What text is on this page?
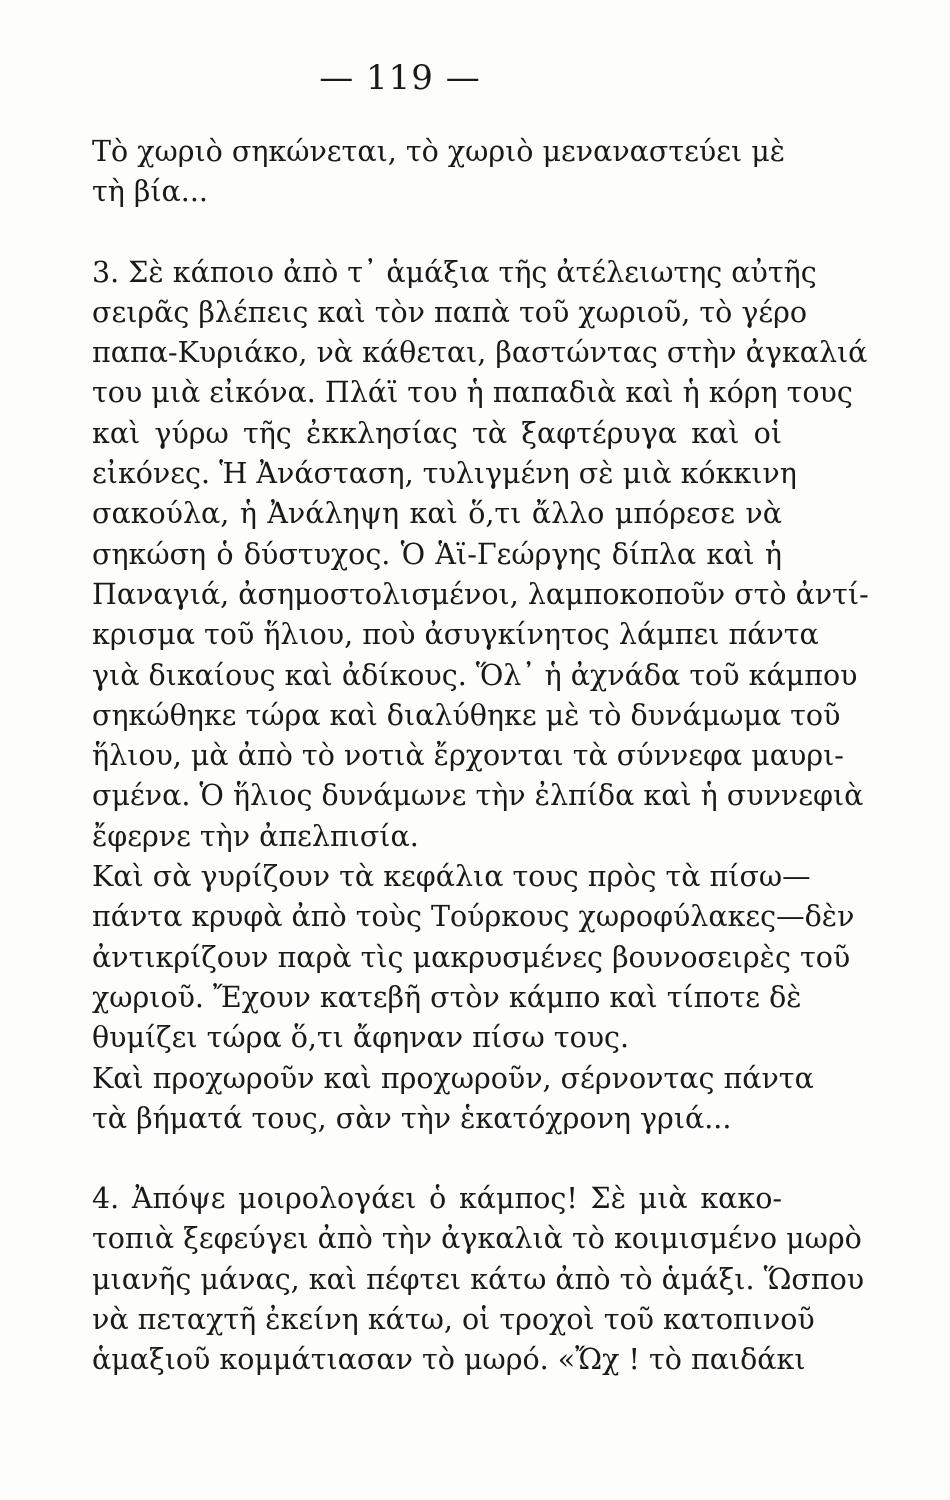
— 119 —
Τὸ χωριὸ σηκώνεται, τὸ χωριὸ μεναναστεύει μὲ
τὴ βία...
3. Σὲ κάποιο ἀπὸ τ᾽ ἁμάξια τῆς ἀτέλειωτης αὐτῆς
σειρᾶς βλέπεις καὶ τὸν παπὰ τοῦ χωριοῦ, τὸ γέρο
παπα-Κυριάκο, νὰ κάθεται, βαστώντας στὴν ἀγκαλιά
του μιὰ εἰκόνα. Πλάϊ του ἡ παπαδιὰ καὶ ἡ κόρη τους
καὶ γύρω τῆς ἐκκλησίας τὰ ξαφτέρυγα καὶ οἱ
εἰκόνες. Ἡ Ἀνάσταση, τυλιγμένη σὲ μιὰ κόκκινη
σακούλα, ἡ Ἀνάληψη καὶ ὅ,τι ἄλλο μπόρεσε νὰ
σηκώση ὁ δύστυχος. Ὁ Ἁϊ-Γεώργης δίπλα καὶ ἡ
Παναγιά, ἀσημοστολισμένοι, λαμποκοποῦν στὸ ἀντί-
κρισμα τοῦ ἥλιου, ποὺ ἀσυγκίνητος λάμπει πάντα
γιὰ δικαίους καὶ ἀδίκους. Ὅλ᾽ ἡ ἀχνάδα τοῦ κάμπου
σηκώθηκε τώρα καὶ διαλύθηκε μὲ τὸ δυνάμωμα τοῦ
ἥλιου, μὰ ἀπὸ τὸ νοτιὰ ἔρχονται τὰ σύννεφα μαυρι-
σμένα. Ὁ ἥλιος δυνάμωνε τὴν ἐλπίδα καὶ ἡ συννεφιὰ
ἔφερνε τὴν ἀπελπισία.
Καὶ σὰ γυρίζουν τὰ κεφάλια τους πρὸς τὰ πίσω—
πάντα κρυφὰ ἀπὸ τοὺς Τούρκους χωροφύλακες—δὲν
ἀντικρίζουν παρὰ τὶς μακρυσμένες βουνοσειρὲς τοῦ
χωριοῦ. Ἔχουν κατεβῆ στὸν κάμπο καὶ τίποτε δὲ
θυμίζει τώρα ὅ,τι ἄφηναν πίσω τους.
Καὶ προχωροῦν καὶ προχωροῦν, σέρνοντας πάντα
τὰ βήματά τους, σὰν τὴν ἑκατόχρονη γριά...
4. Ἀπόψε μοιρολογάει ὁ κάμπος! Σὲ μιὰ κακο-
τοπιὰ ξεφεύγει ἀπὸ τὴν ἀγκαλιὰ τὸ κοιμισμένο μωρὸ
μιανῆς μάνας, καὶ πέφτει κάτω ἀπὸ τὸ ἁμάξι. Ὥσπου
νὰ πεταχτῆ ἐκείνη κάτω, οἱ τροχοὶ τοῦ κατοπινοῦ
ἁμαξιοῦ κομμάτιασαν τὸ μωρό. «Ὤχ ! τὸ παιδάκι
